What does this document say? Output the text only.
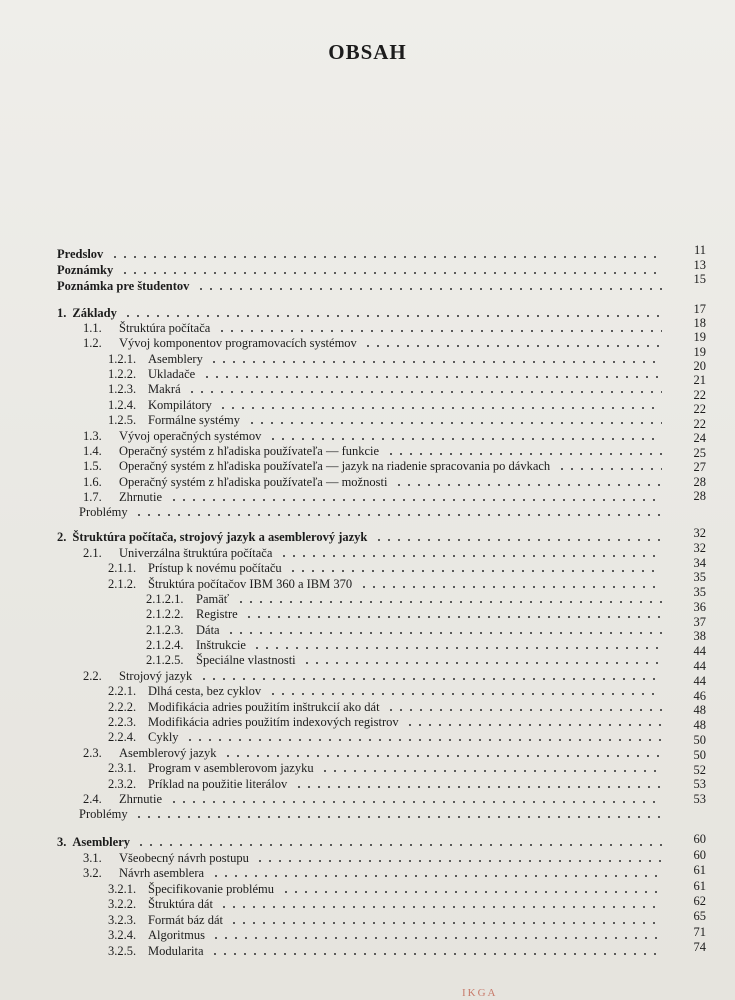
OBSAH
Predslov
Poznámky
Poznámka pre študentov
1. Základy
1.1. Štruktúra počítača
1.2. Vývoj komponentov programovacích systémov
1.2.1. Asemblery
1.2.2. Ukladače
1.2.3. Makrá
1.2.4. Kompilátory
1.2.5. Formálne systémy
1.3. Vývoj operačných systémov
1.4. Operačný systém z hľadiska používateľa — funkcie
1.5. Operačný systém z hľadiska používateľa — jazyk na riadenie spracovania po dávkach
1.6. Operačný systém z hľadiska používateľa — možnosti
1.7. Zhrnutie
Problémy
2. Štruktúra počítača, strojový jazyk a asemblerový jazyk
2.1. Univerzálna štruktúra počítača
2.1.1. Prístup k novému počítaču
2.1.2. Štruktúra počítačov IBM 360 a IBM 370
2.1.2.1. Pamäť
2.1.2.2. Registre
2.1.2.3. Dáta
2.1.2.4. Inštrukcie
2.1.2.5. Špeciálne vlastnosti
2.2. Strojový jazyk
2.2.1. Dlhá cesta, bez cyklov
2.2.2. Modifikácia adries použitím inštrukcií ako dát
2.2.3. Modifikácia adries použitím indexových registrov
2.2.4. Cykly
2.3. Asemblerový jazyk
2.3.1. Program v asemblerovom jazyku
2.3.2. Príklad na použitie literálov
2.4. Zhrnutie
Problémy
3. Asemblery
3.1. Všeobecný návrh postupu
3.2. Návrh asemblera
3.2.1. Špecifikovanie problému
3.2.2. Štruktúra dát
3.2.3. Formát báz dát
3.2.4. Algoritmus
3.2.5. Modularita
11
13
15
17
18
19
19
20
21
22
22
22
24
25
27
28
28
32
32
34
35
35
36
37
38
44
44
44
46
48
48
50
50
52
53
53
60
60
61
61
62
65
71
74
IKGA
